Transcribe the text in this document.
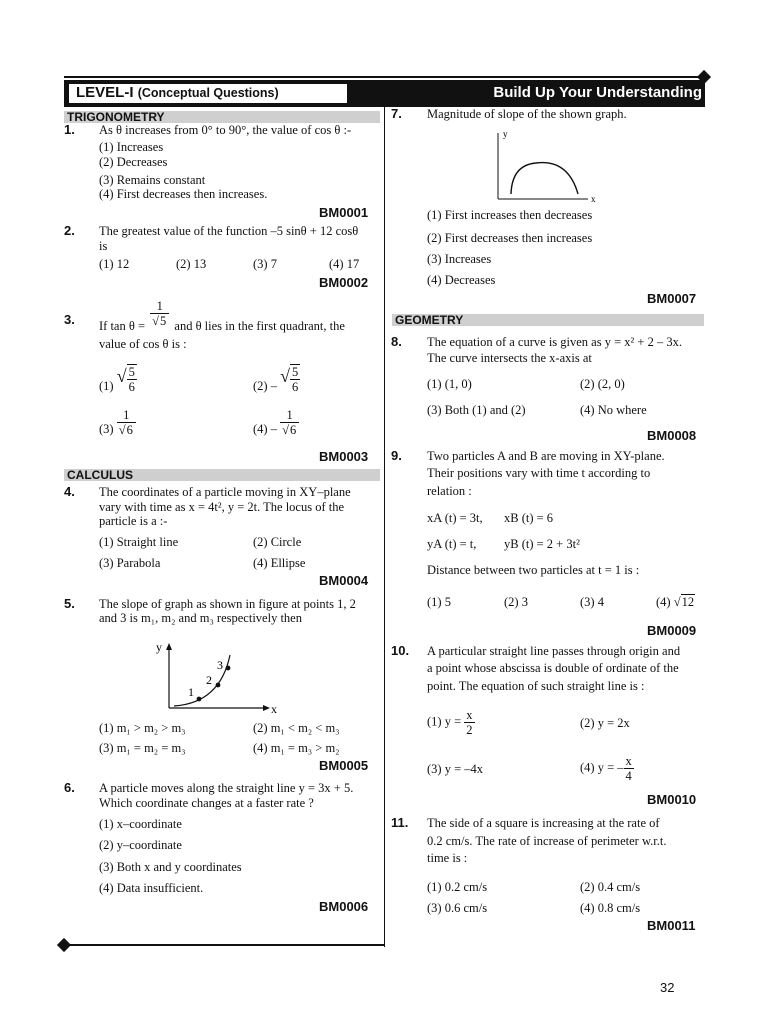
LEVEL-I (Conceptual Questions)	Build Up Your Understanding
TRIGONOMETRY
1. As θ increases from 0° to 90°, the value of cos θ :-
(1) Increases
(2) Decreases
(3) Remains constant
(4) First decreases then increases.
BM0001
2. The greatest value of the function –5 sinθ + 12 cosθ
is
(1) 12	(2) 13	(3) 7	(4) 17
BM0002
3. If $\tan \theta = \frac{1}{√5}$ and θ lies in the first quadrant, the
value of cos θ is :
(1) √ $\frac{5}{6}$	(2) – √ $\frac{5}{6}$
$(3) \frac{1}{√6}$	$(4) - \frac{1}{√6}$
BM0003
CALCULUS
4. The coordinates of a particle moving in XY–plane
vary with time as x = 4t², y = 2t. The locus of the
particle is a :-
(1) Straight line	(2) Circle
(3) Parabola	(4) Ellipse
BM0004
5. The slope of graph as shown in figure at points 1, 2
and 3 is m₁, m₂ and m₃ respectively then
y
x
1
2
3
(1) m₁ > m₂ > m₃	(2) m₁ < m₂ < m₃
(3) m₁ = m₂ = m₃	(4) m₁ = m₃ > m₂
BM0005
6. A particle moves along the straight line y = 3x + 5.
Which coordinate changes at a faster rate ?
(1) x–coordinate
(2) y–coordinate
(3) Both x and y coordinates
(4) Data insufficient.
BM0006
7. Magnitude of slope of the shown graph.
y
x
(1) First increases then decreases
(2) First decreases then increases
(3) Increases
(4) Decreases
BM0007
GEOMETRY
8. The equation of a curve is given as y = x² + 2 – 3x.
The curve intersects the x-axis at
(1) (1, 0)	(2) (2, 0)
(3) Both (1) and (2)	(4) No where
BM0008
9. Two particles A and B are moving in XY-plane.
Their positions vary with time t according to
relation :
xA (t) = 3t, xB (t) = 6
yA (t) = t, yB (t) = 2 + 3t²
Distance between two particles at t = 1 is :
(1) 5	(2) 3	(3) 4	(4) √12
BM0009
10. A particular straight line passes through origin and
a point whose abscissa is double of ordinate of the
point. The equation of such straight line is :
(1) $y = \frac{x}{2}$	(2) y = 2x
(3) y = –4x	(4) y = – $\frac{x}{4}$
BM0010
11. The side of a square is increasing at the rate of
0.2 cm/s. The rate of increase of perimeter w.r.t.
time is :
(1) 0.2 cm/s	(2) 0.4 cm/s
(3) 0.6 cm/s	(4) 0.8 cm/s
BM0011
32
